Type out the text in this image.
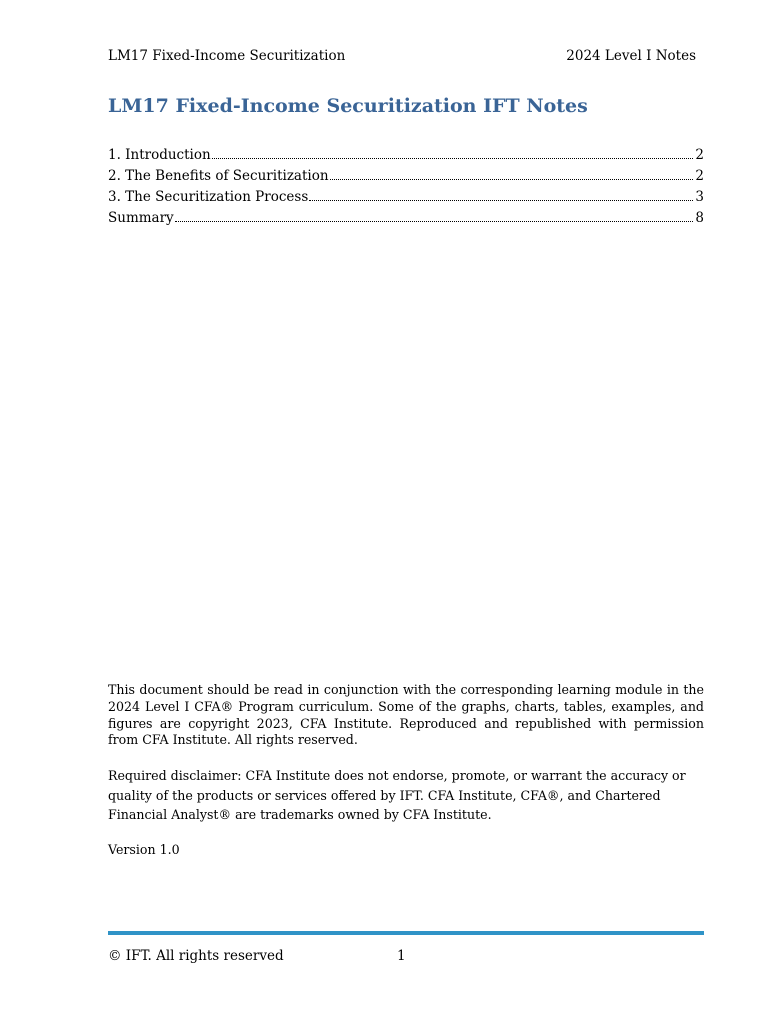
LM17 Fixed-Income Securitization	2024 Level I Notes
LM17 Fixed-Income Securitization IFT Notes
1. Introduction	2
2. The Benefits of Securitization	2
3. The Securitization Process	3
Summary	8

This document should be read in conjunction with the corresponding learning module in the 2024 Level I CFA® Program curriculum. Some of the graphs, charts, tables, examples, and figures are copyright 2023, CFA Institute. Reproduced and republished with permission from CFA Institute. All rights reserved.

Required disclaimer: CFA Institute does not endorse, promote, or warrant the accuracy or quality of the products or services offered by IFT. CFA Institute, CFA®, and Chartered Financial Analyst® are trademarks owned by CFA Institute.

Version 1.0

© IFT. All rights reserved	1
